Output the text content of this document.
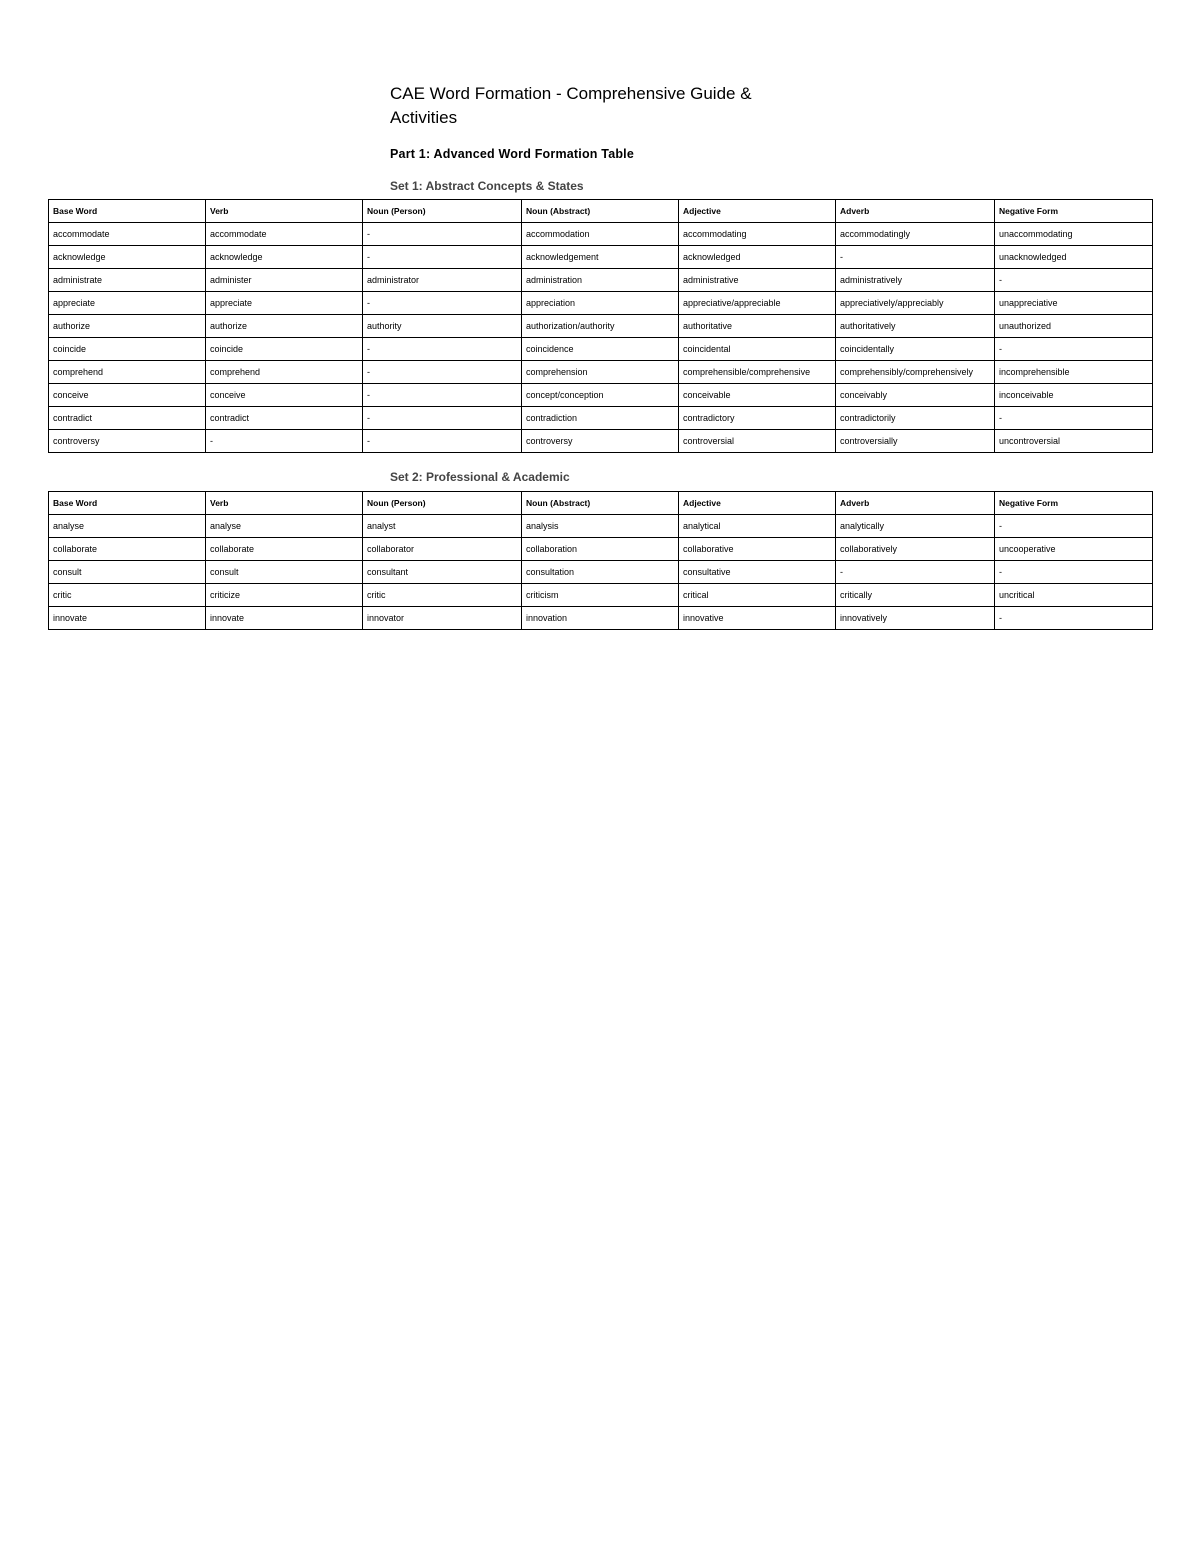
CAE Word Formation - Comprehensive Guide & Activities
Part 1: Advanced Word Formation Table
Set 1: Abstract Concepts & States
Base Word	Verb	Noun (Person)	Noun (Abstract)	Adjective	Adverb	Negative Form
accommodate	accommodate	-	accommodation	accommodating	accommodatingly	unaccommodating
acknowledge	acknowledge	-	acknowledgement	acknowledged	-	unacknowledged
administrate	administer	administrator	administration	administrative	administratively	-
appreciate	appreciate	-	appreciation	appreciative/appreciable	appreciatively/appreciably	unappreciative
authorize	authorize	authority	authorization/authority	authoritative	authoritatively	unauthorized
coincide	coincide	-	coincidence	coincidental	coincidentally	-
comprehend	comprehend	-	comprehension	comprehensible/comprehensive	comprehensibly/comprehensively	incomprehensible
conceive	conceive	-	concept/conception	conceivable	conceivably	inconceivable
contradict	contradict	-	contradiction	contradictory	contradictorily	-
controversy	-	-	controversy	controversial	controversially	uncontroversial
Set 2: Professional & Academic
Base Word	Verb	Noun (Person)	Noun (Abstract)	Adjective	Adverb	Negative Form
analyse	analyse	analyst	analysis	analytical	analytically	-
collaborate	collaborate	collaborator	collaboration	collaborative	collaboratively	uncooperative
consult	consult	consultant	consultation	consultative	-	-
critic	criticize	critic	criticism	critical	critically	uncritical
innovate	innovate	innovator	innovation	innovative	innovatively	-
